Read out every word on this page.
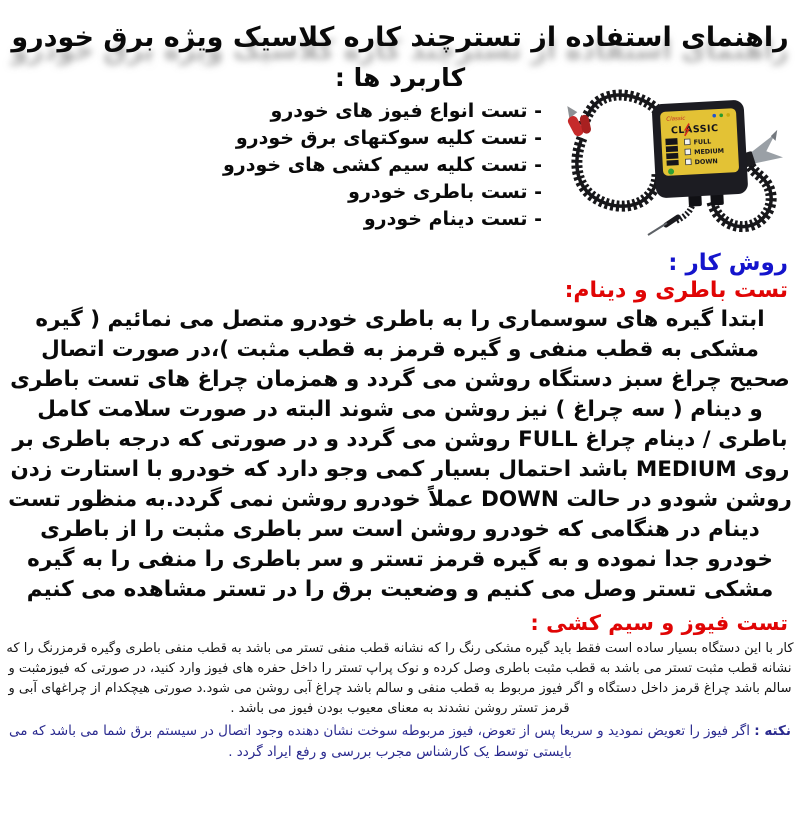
راهنمای استفاده از تسترچند کاره کلاسیک ویژه برق خودرو
کاربرد ها :
- تست انواع فیوز های خودرو
- تست کلیه سوکتهای برق خودرو
- تست کلیه سیم کشی های خودرو
- تست باطری خودرو
- تست دینام خودرو
Classic
CLASSIC
FULL
MEDIUM
DOWN
روش کار :
تست باطری و دینام:
ابتدا گیره های سوسماری را به باطری خودرو متصل می نمائیم ( گیره مشکی به قطب منفی و گیره قرمز به قطب مثبت )،در صورت اتصال صحیح چراغ سبز دستگاه روشن می گردد و همزمان چراغ های تست باطری و دینام ( سه چراغ ) نیز روشن می شوند البته در صورت سلامت کامل باطری / دینام چراغ FULL روشن می گردد و در صورتی که درجه باطری بر روی MEDIUM باشد احتمال بسیار کمی وجو دارد که خودرو با استارت زدن روشن شودو در حالت DOWN عملاً خودرو روشن نمی گردد.به منظور تست دینام در هنگامی که خودرو روشن است سر باطری مثبت را از باطری خودرو جدا نموده و به گیره قرمز تستر و سر باطری را منفی را به گیره مشکی تستر وصل می کنیم و وضعیت برق را در تستر مشاهده می کنیم
تست فیوز و سیم کشی :
کار با این دستگاه بسیار ساده است فقط باید گیره مشکی رنگ را که نشانه قطب منفی تستر می باشد به قطب منفی باطری وگیره قرمزرنگ را که نشانه قطب مثبت تستر می باشد به قطب مثبت باطری وصل کرده و نوک پراپ تستر را داخل حفره های فیوز وارد کنید، در صورتی که فیوزمثبت و سالم باشد چراغ قرمز داخل دستگاه و اگر فیوز مربوط به قطب منفی و سالم باشد چراغ آبی روشن می شود.د صورتی هیچکدام از چراغهای آبی و قرمز تستر روشن نشدند به معنای معیوب بودن فیوز می باشد .
نکته : اگر فیوز را تعویض نمودید و سریعا پس از تعوض، فیوز مربوطه سوخت نشان دهنده وجود اتصال در سیستم برق شما می باشد که می بایستی توسط یک کارشناس مجرب بررسی و رفع ایراد گردد .
